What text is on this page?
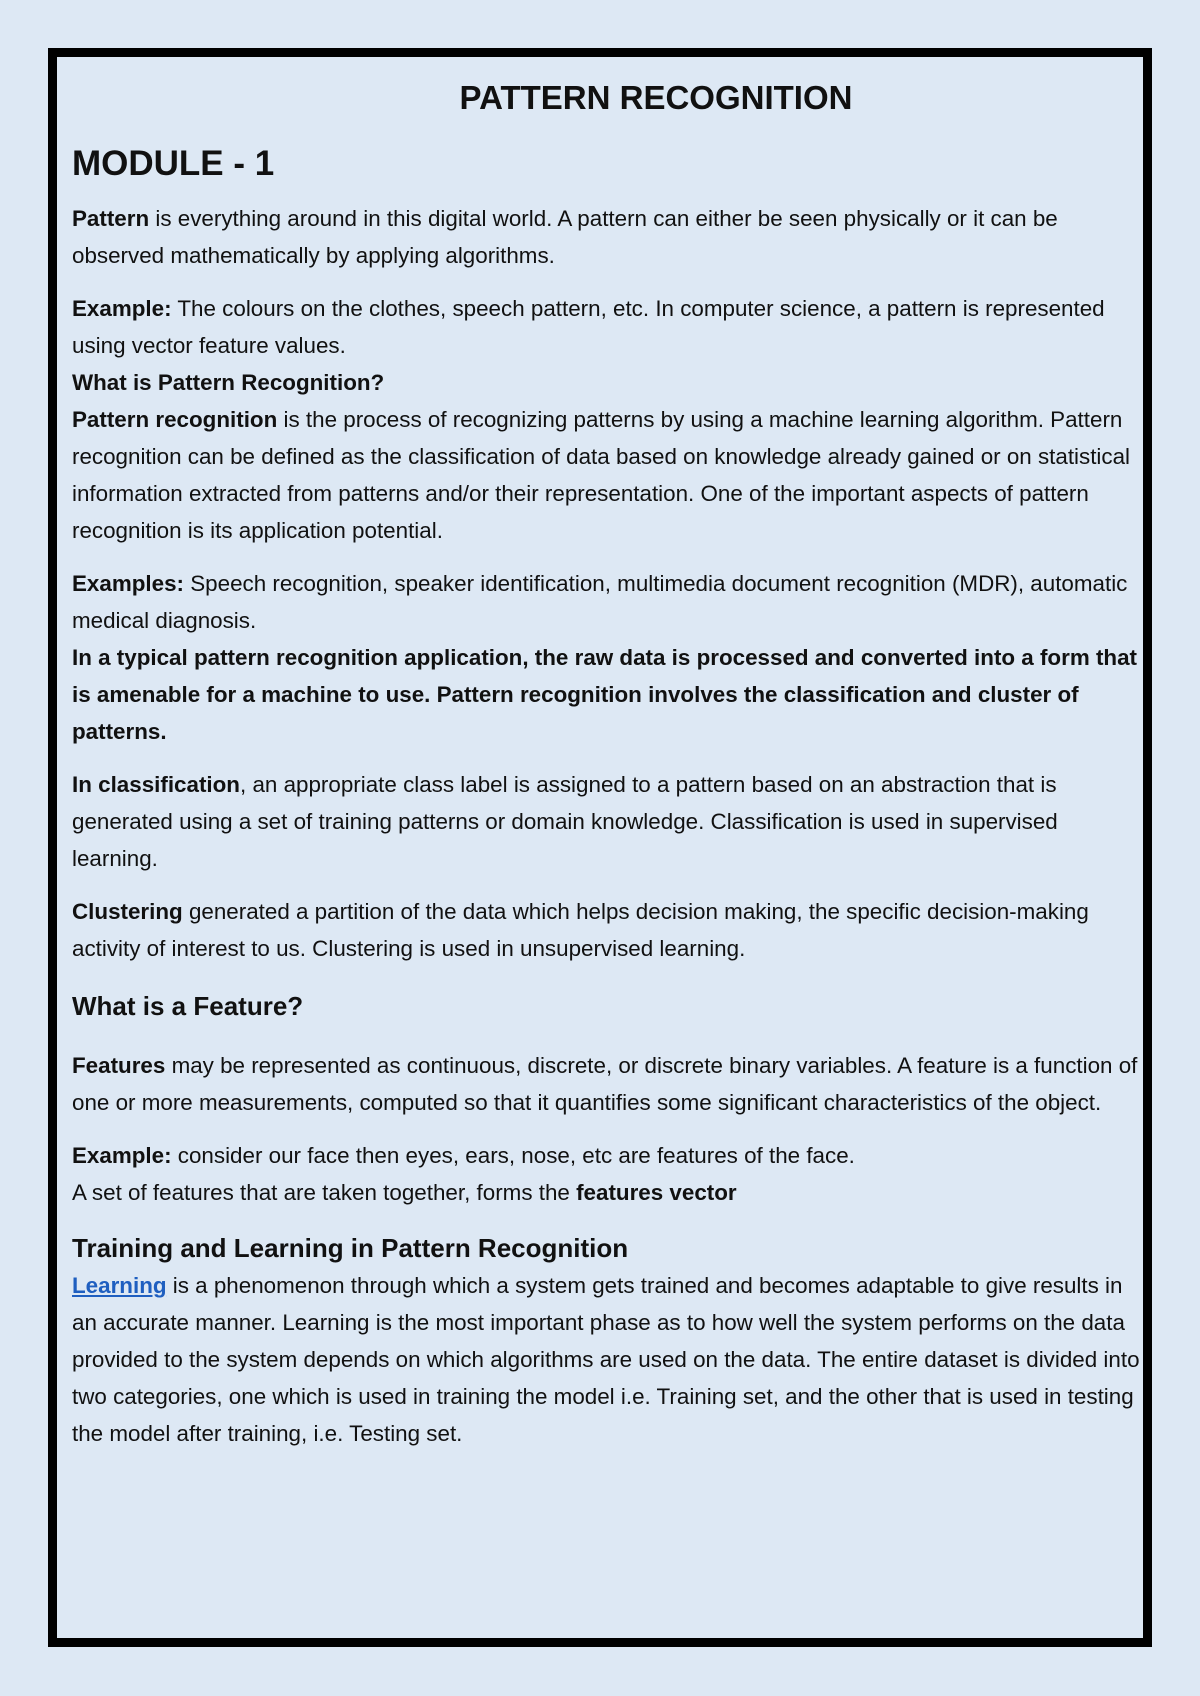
PATTERN RECOGNITION
MODULE - 1

Pattern is everything around in this digital world. A pattern can either be seen physically or it can be observed mathematically by applying algorithms.

Example: The colours on the clothes, speech pattern, etc. In computer science, a pattern is represented using vector feature values.

What is Pattern Recognition?

Pattern recognition is the process of recognizing patterns by using a machine learning algorithm. Pattern recognition can be defined as the classification of data based on knowledge already gained or on statistical information extracted from patterns and/or their representation. One of the important aspects of pattern recognition is its application potential.

Examples: Speech recognition, speaker identification, multimedia document recognition (MDR), automatic medical diagnosis.

In a typical pattern recognition application, the raw data is processed and converted into a form that is amenable for a machine to use. Pattern recognition involves the classification and cluster of patterns.

In classification, an appropriate class label is assigned to a pattern based on an abstraction that is generated using a set of training patterns or domain knowledge. Classification is used in supervised learning.

Clustering generated a partition of the data which helps decision making, the specific decision-making activity of interest to us. Clustering is used in unsupervised learning.

What is a Feature?

Features may be represented as continuous, discrete, or discrete binary variables. A feature is a function of one or more measurements, computed so that it quantifies some significant characteristics of the object.

Example: consider our face then eyes, ears, nose, etc are features of the face.

A set of features that are taken together, forms the features vector

Training and Learning in Pattern Recognition

Learning is a phenomenon through which a system gets trained and becomes adaptable to give results in an accurate manner. Learning is the most important phase as to how well the system performs on the data provided to the system depends on which algorithms are used on the data. The entire dataset is divided into two categories, one which is used in training the model i.e. Training set, and the other that is used in testing the model after training, i.e. Testing set.
